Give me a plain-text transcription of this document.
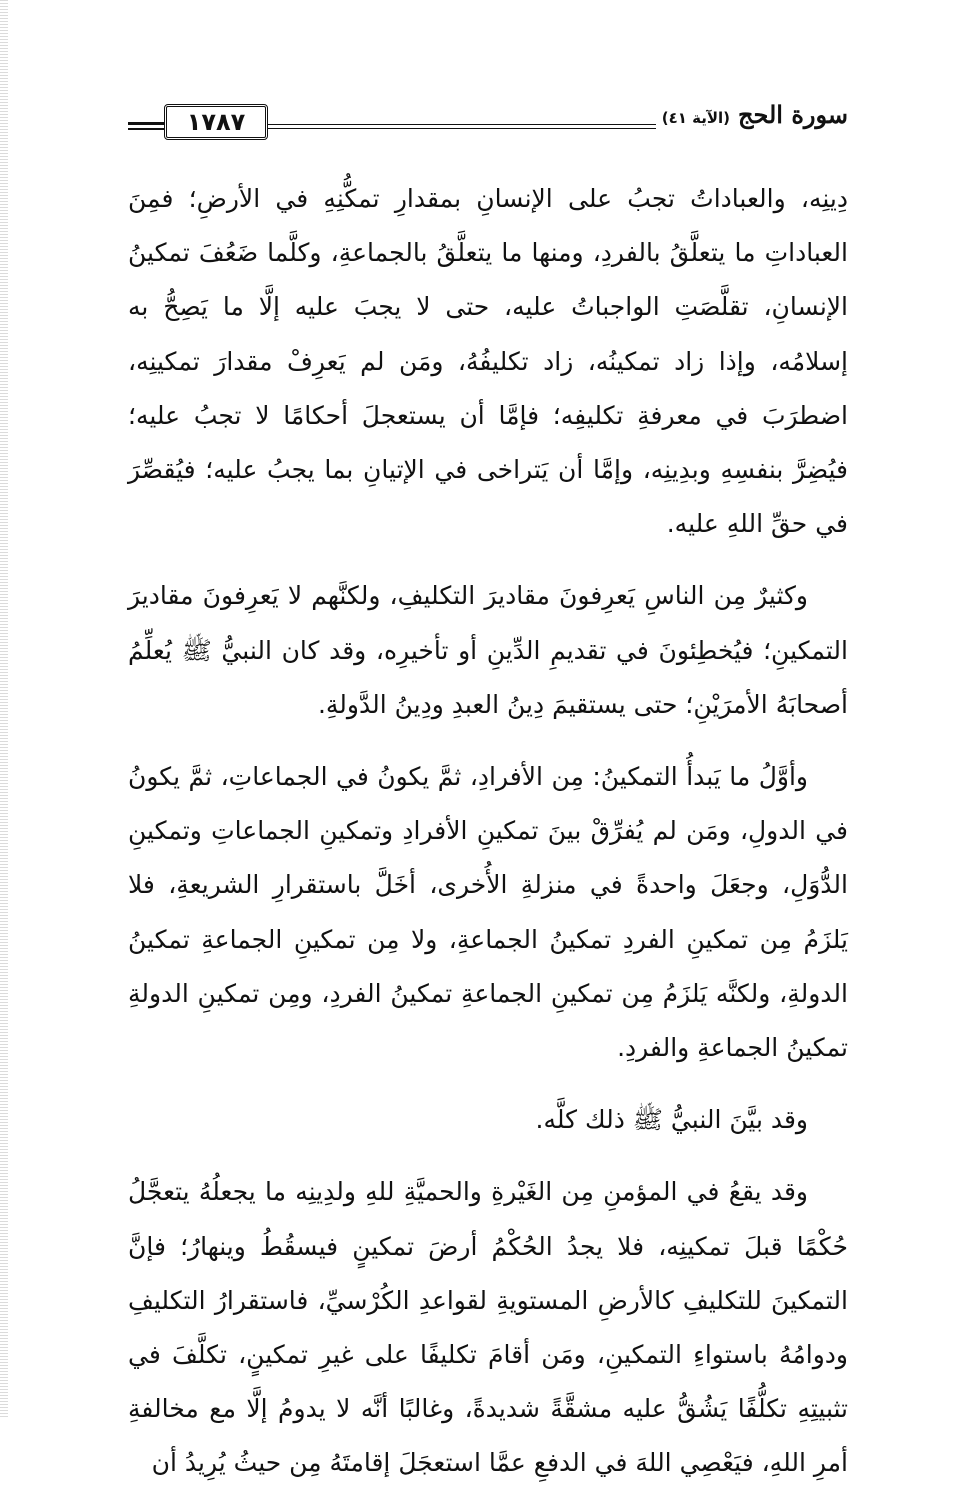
١٧٨٧	سورة الحج
(الآية ٤١)

دِينِه، والعباداتُ تجبُ على الإنسانِ بمقدارِ تمكُّنِهِ في الأرضِ؛ فمِنَ العباداتِ ما يتعلَّقُ بالفردِ، ومنها ما يتعلَّقُ بالجماعةِ، وكلَّما ضَعُفَ تمكينُ الإنسانِ، تقلَّصَتِ الواجباتُ عليه، حتى لا يجبَ عليه إلَّا ما يَصِحُّ به إسلامُه، وإذا زاد تمكينُه، زاد تكليفُهُ، ومَن لم يَعرِفْ مقدارَ تمكينِه، اضطرَبَ في معرفةِ تكليفِه؛ فإمَّا أن يستعجلَ أحكامًا لا تجبُ عليه؛ فيُضِرَّ بنفسِهِ وبدِينِه، وإمَّا أن يَتراخى في الإتيانِ بما يجبُ عليه؛ فيُقصِّرَ في حقِّ اللهِ عليه.

وكثيرٌ مِن الناسِ يَعرِفونَ مقاديرَ التكليفِ، ولكنَّهم لا يَعرِفونَ مقاديرَ التمكينِ؛ فيُخطِئونَ في تقديمِ الدِّينِ أو تأخيرِه، وقد كان النبيُّ ﷺ يُعلِّمُ أصحابَهُ الأمرَيْنِ؛ حتى يستقيمَ دِينُ العبدِ ودِينُ الدَّولةِ.

وأوَّلُ ما يَبدأُ التمكينُ: مِن الأفرادِ، ثمَّ يكونُ في الجماعاتِ، ثمَّ يكونُ في الدولِ، ومَن لم يُفرِّقْ بينَ تمكينِ الأفرادِ وتمكينِ الجماعاتِ وتمكينِ الدُّوَلِ، وجعَلَ واحدةً في منزلةِ الأُخرى، أخَلَّ باستقرارِ الشريعةِ، فلا يَلزَمُ مِن تمكينِ الفردِ تمكينُ الجماعةِ، ولا مِن تمكينِ الجماعةِ تمكينُ الدولةِ، ولكنَّه يَلزَمُ مِن تمكينِ الجماعةِ تمكينُ الفردِ، ومِن تمكينِ الدولةِ تمكينُ الجماعةِ والفردِ.

وقد بيَّنَ النبيُّ ﷺ ذلك كلَّه.

وقد يقعُ في المؤمنِ مِن الغَيْرةِ والحميَّةِ للهِ ولدِينِه ما يجعلُهُ يتعجَّلُ حُكْمًا قبلَ تمكينِه، فلا يجدُ الحُكْمُ أرضَ تمكينٍ فيسقُطُ وينهارُ؛ فإنَّ التمكينَ للتكليفِ كالأرضِ المستويةِ لقواعدِ الكُرْسيِّ، فاستقرارُ التكليفِ ودوامُهُ باستواءِ التمكينِ، ومَن أقامَ تكليفًا على غيرِ تمكينٍ، تكلَّفَ في تثبيتِهِ تكلُّفًا يَشُقُّ عليه مشقَّةً شديدةً، وغالبًا أنَّه لا يدومُ إلَّا مع مخالفةِ أمرِ اللهِ، فيَعْصِي اللهَ في الدفعِ عمَّا استعجَلَ إقامتَهُ مِن حيثُ يُرِيدُ أن
